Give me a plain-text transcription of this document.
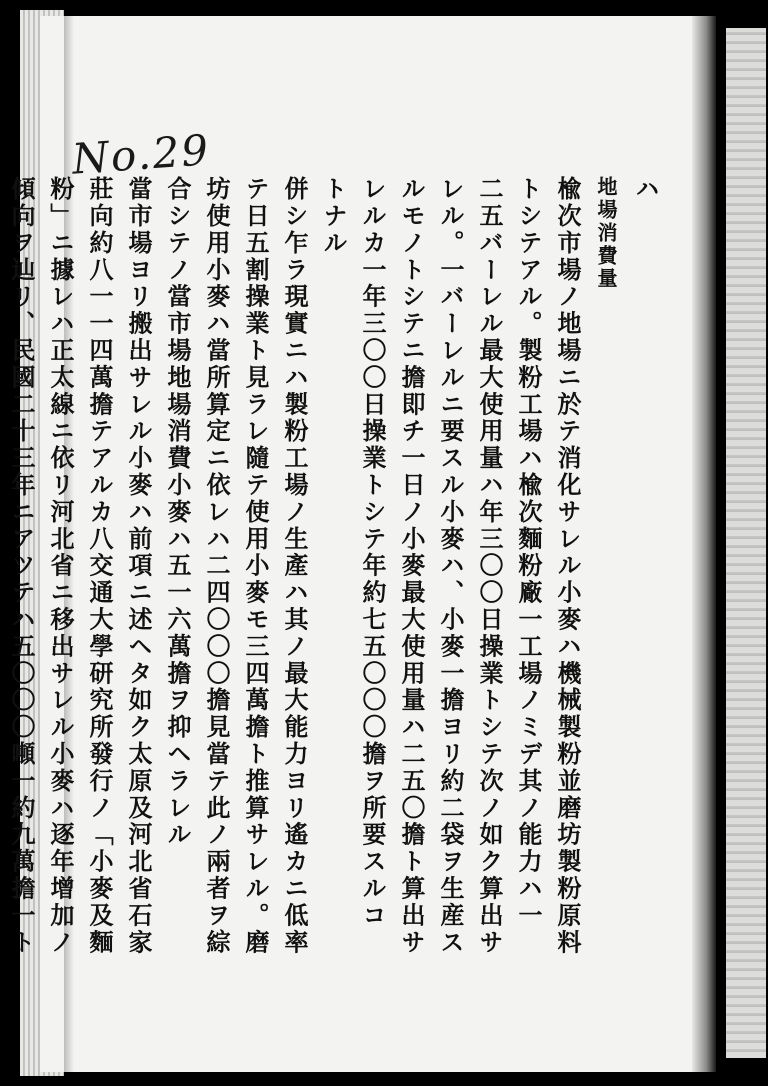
No.29
ハ
地場消費量
楡次市場ノ地場ニ於テ消化サレル小麥ハ機械製粉並磨坊製粉原料
トシテアル。製粉工場ハ楡次麵粉廠一工場ノミデ其ノ能力ハ一
二五バーレル最大使用量ハ年三〇〇日操業トシテ次ノ如ク算出サ
レル。一バーレルニ要スル小麥ハ、小麥一擔ヨリ約二袋ヲ生産ス
ルモノトシテニ擔即チ一日ノ小麥最大使用量ハ二五〇擔ト算出サ
レルカ一年三〇〇日操業トシテ年約七五〇〇〇擔ヲ所要スルコ
トナル
併シ乍ラ現實ニハ製粉工場ノ生產ハ其ノ最大能力ヨリ遙カニ低率
テ日五割操業ト見ラレ隨テ使用小麥モ三四萬擔ト推算サレル。磨
坊使用小麥ハ當所算定ニ依レハ二四〇〇〇擔見當テ此ノ兩者ヲ綜
合シテノ當市場地場消費小麥ハ五一六萬擔ヲ抑ヘラレル
當市場ヨリ搬出サレル小麥ハ前項ニ述ヘタ如ク太原及河北省石家
莊向約八一一四萬擔テアルカ八交通大學研究所發行ノ「小麥及麵
粉」ニ據レハ正太線ニ依リ河北省ニ移出サレル小麥ハ逐年增加ノ
傾向ヲ辿リ、民國二十三年ニアツテハ五〇〇〇噸一約九萬擔一ト
